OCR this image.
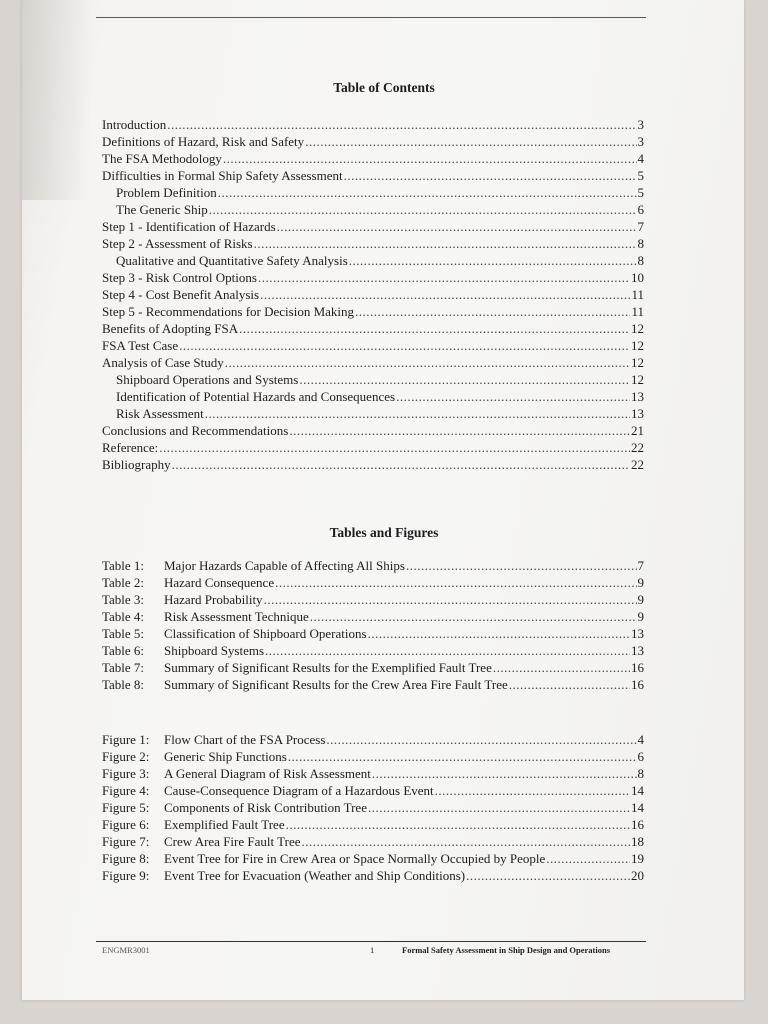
Table of Contents
Introduction .....	3
Definitions of Hazard, Risk and Safety .....	3
The FSA Methodology .....	4
Difficulties in Formal Ship Safety Assessment .....	5
Problem Definition .....	5
The Generic Ship .....	6
Step 1 - Identification of Hazards .....	7
Step 2 - Assessment of Risks .....	8
Qualitative and Quantitative Safety Analysis .....	8
Step 3 - Risk Control Options .....	10
Step 4 - Cost Benefit Analysis .....	11
Step 5 - Recommendations for Decision Making .....	11
Benefits of Adopting FSA .....	12
FSA Test Case .....	12
Analysis of Case Study .....	12
Shipboard Operations and Systems .....	12
Identification of Potential Hazards and Consequences .....	13
Risk Assessment .....	13
Conclusions and Recommendations .....	21
Reference: .....	22
Bibliography .....	22
Tables and Figures
Table 1: Major Hazards Capable of Affecting All Ships .....	7
Table 2: Hazard Consequence .....	9
Table 3: Hazard Probability .....	9
Table 4: Risk Assessment Technique .....	9
Table 5: Classification of Shipboard Operations .....	13
Table 6: Shipboard Systems .....	13
Table 7: Summary of Significant Results for the Exemplified Fault Tree .....	16
Table 8: Summary of Significant Results for the Crew Area Fire Fault Tree .....	16
Figure 1: Flow Chart of the FSA Process .....	4
Figure 2: Generic Ship Functions .....	6
Figure 3: A General Diagram of Risk Assessment .....	8
Figure 4: Cause-Consequence Diagram of a Hazardous Event .....	14
Figure 5: Components of Risk Contribution Tree .....	14
Figure 6: Exemplified Fault Tree .....	16
Figure 7: Crew Area Fire Fault Tree .....	18
Figure 8: Event Tree for Fire in Crew Area or Space Normally Occupied by People .....	19
Figure 9: Event Tree for Evacuation (Weather and Ship Conditions) .....	20
ENGMR3001	1	Formal Safety Assessment in Ship Design and Operations
